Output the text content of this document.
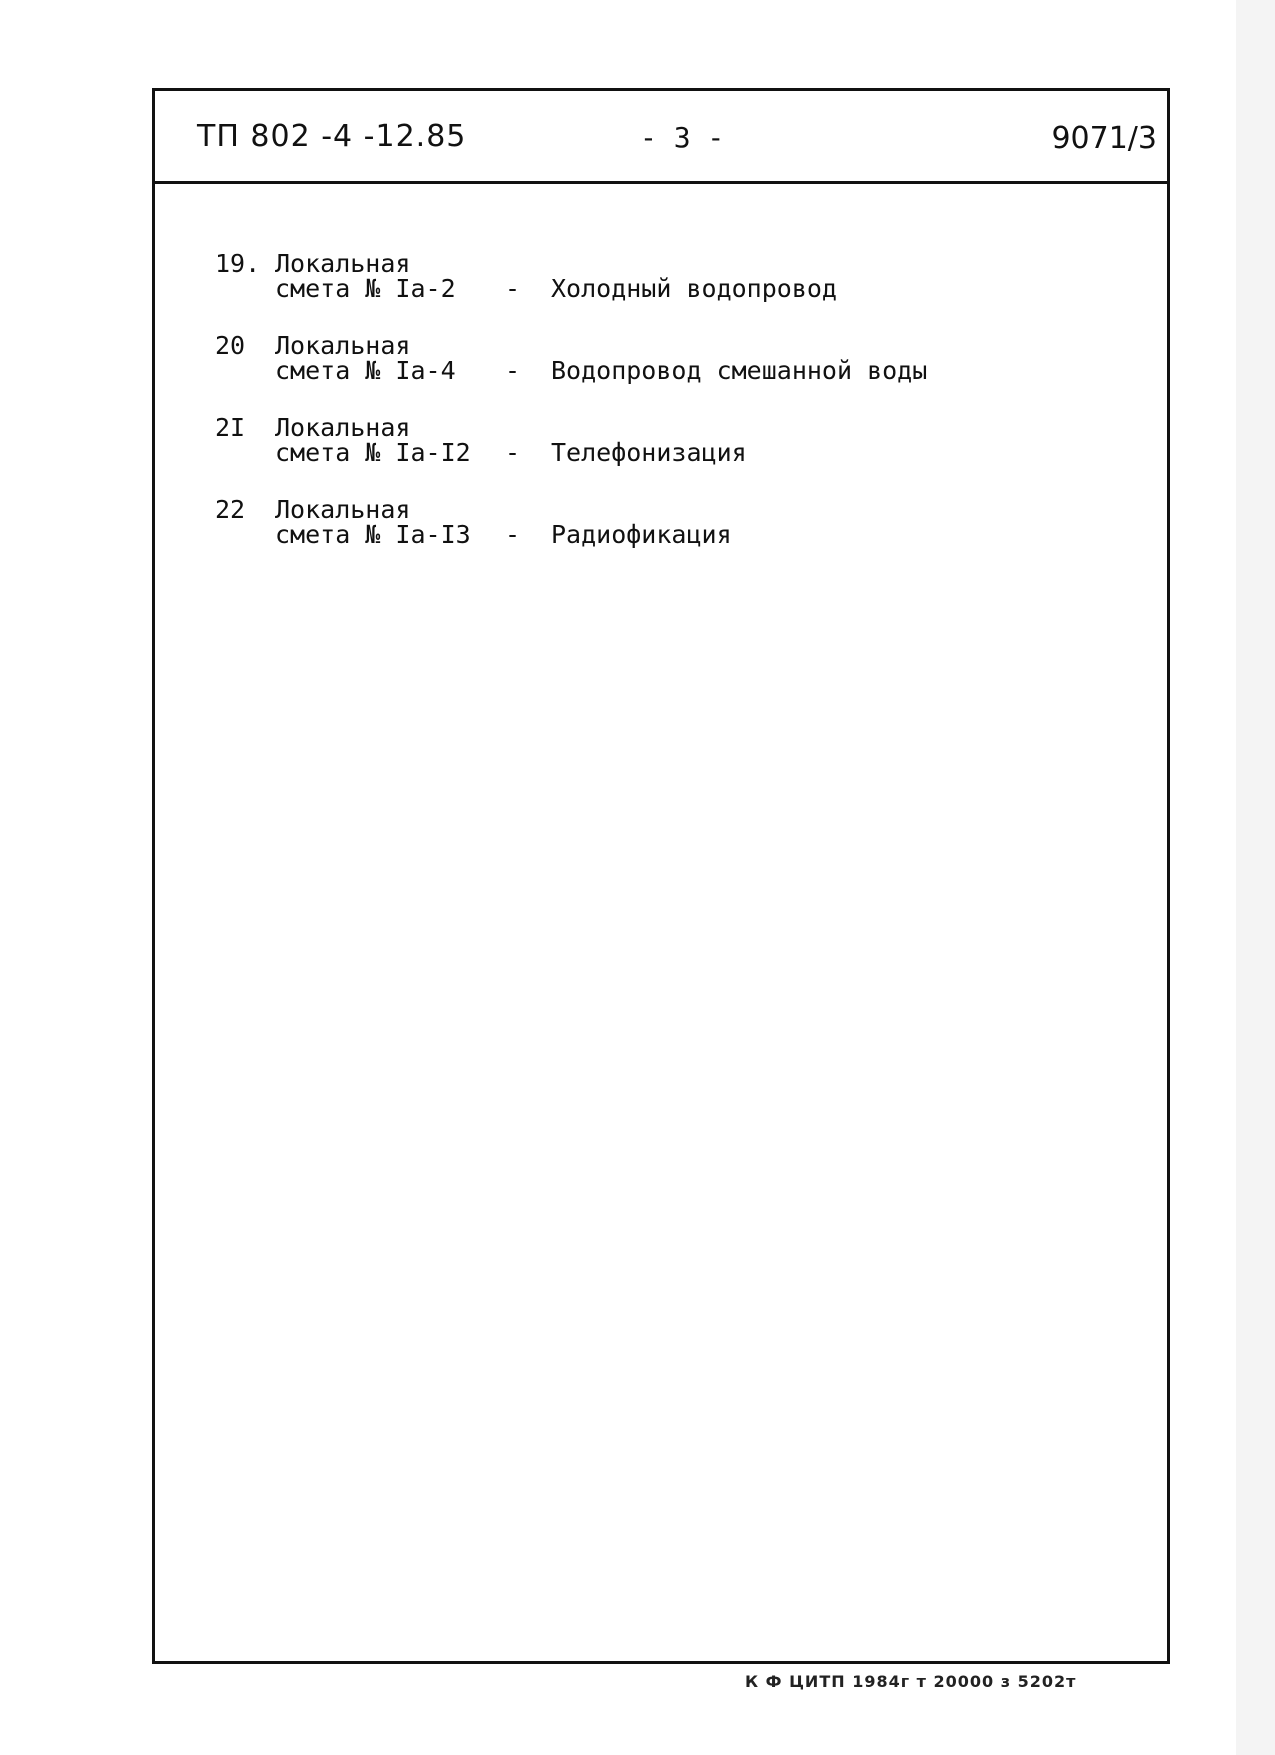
ТП 802 -4 -12.85	- 3 -	9071/3
19. Локальная
смета № Iа-2 - Холодный водопровод
20	Локальная
смета № Iа-4 - Водопровод смешанной воды
2I	Локальная
смета № Iа-I2 - Телефонизация
22	Локальная
смета № Iа-I3 - Радиофикация
К Ф ЦИТП 1984г т 20000 з 5202т
